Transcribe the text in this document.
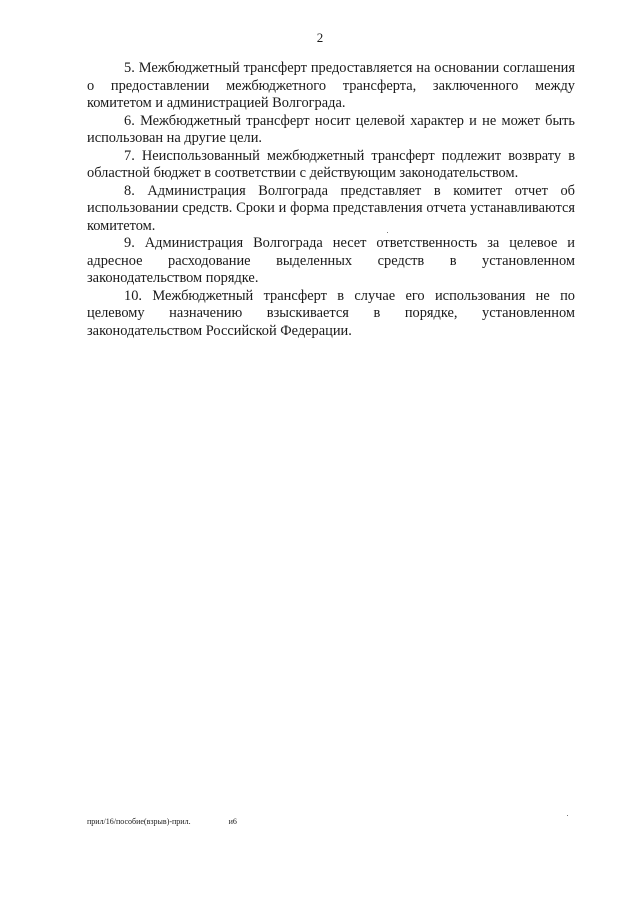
2

5. Межбюджетный трансферт предоставляется на основании соглашения о предоставлении межбюджетного трансферта, заключенного между комитетом и администрацией Волгограда.

6. Межбюджетный трансферт носит целевой характер и не может быть использован на другие цели.

7. Неиспользованный межбюджетный трансферт подлежит возврату в областной бюджет в соответствии с действующим законодательством.

8. Администрация Волгограда представляет в комитет отчет об использовании средств. Сроки и форма представления отчета устанавливаются комитетом.

9. Администрация Волгограда несет ответственность за целевое и адресное расходование выделенных средств в установленном законодательством порядке.

10. Межбюджетный трансферт в случае его использования не по целевому назначению взыскивается в порядке, установленном законодательством Российской Федерации.

прил/16/пособие(взрыв)-прил.	и6
